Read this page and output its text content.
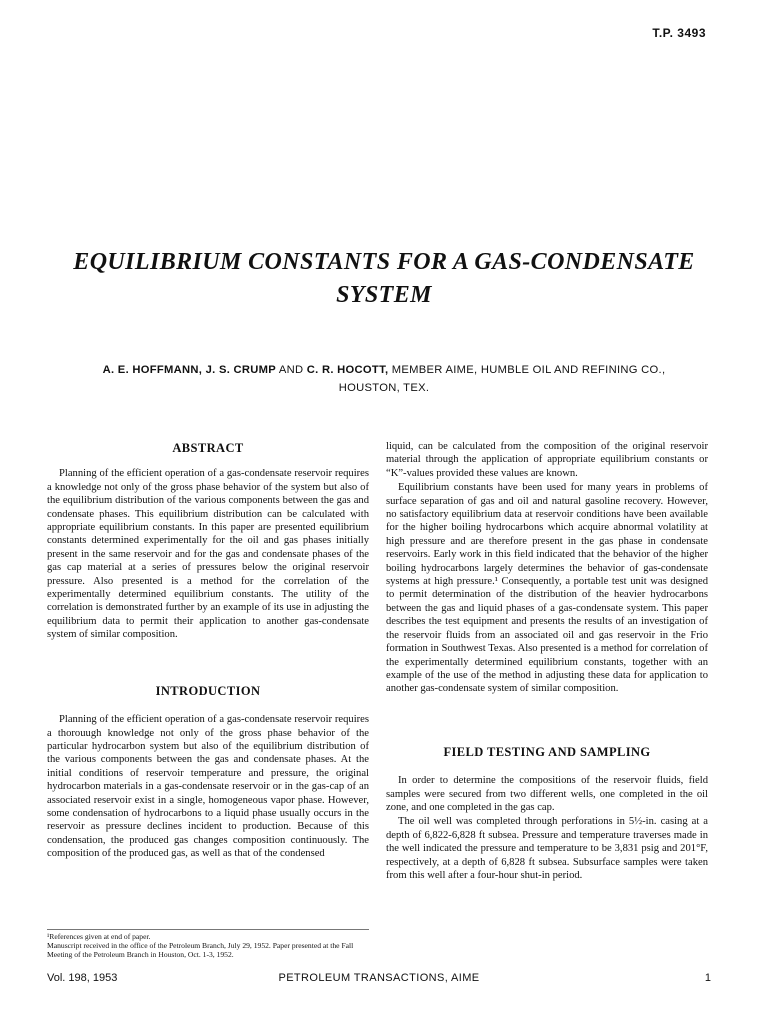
T.P. 3493
EQUILIBRIUM CONSTANTS FOR A GAS-CONDENSATE
SYSTEM
A. E. HOFFMANN, J. S. CRUMP AND C. R. HOCOTT, MEMBER AIME, HUMBLE OIL AND REFINING CO.,
HOUSTON, TEX.
ABSTRACT

Planning of the efficient operation of a gas-condensate reservoir requires a knowledge not only of the gross phase behavior of the system but also of the equilibrium distribution of the various components between the gas and condensate phases. This equilibrium distribution can be calculated with appropriate equilibrium constants. In this paper are presented equilibrium constants determined experimentally for the oil and gas phases initially present in the same reservoir and for the gas and condensate phases of the gas cap material at a series of pressures below the original reservoir pressure. Also presented is a method for the correlation of the experimentally determined equilibrium constants. The utility of the correlation is demonstrated further by an example of its use in adjusting the equilibrium data to permit their application to another gas-condensate system of similar composition.

INTRODUCTION

Planning of the efficient operation of a gas-condensate reservoir requires a thorouugh knowledge not only of the gross phase behavior of the particular hydrocarbon system but also of the equilibrium distribution of the various components between the gas and condensate phases. At the initial conditions of reservoir temperature and pressure, the original hydrocarbon materials in a gas-condensate reservoir or in the gas-cap of an associated reservoir exist in a single, homogeneous vapor phase. However, some condensation of hydrocarbons to a liquid phase usually occurs in the reservoir as pressure declines incident to production. Because of this condensation, the produced gas changes composition continuously. The composition of the produced gas, as well as that of the condensed

liquid, can be calculated from the composition of the original reservoir material through the application of appropriate equilibrium constants or “K”-values provided these values are known.

Equilibrium constants have been used for many years in problems of surface separation of gas and oil and natural gasoline recovery. However, no satisfactory equilibrium data at reservoir conditions have been available for the higher boiling hydrocarbons which acquire abnormal volatility at high pressure and are therefore present in the gas phase in condensate reservoirs. Early work in this field indicated that the behavior of the higher boiling hydrocarbons largely determines the behavior of gas-condensate systems at high pressure.¹ Consequently, a portable test unit was designed to permit determination of the distribution of the heavier hydrocarbons between the gas and liquid phases of a gas-condensate system. This paper describes the test equipment and presents the results of an investigation of the reservoir fluids from an associated oil and gas reservoir in the Frio formation in Southwest Texas. Also presented is a method for correlation of the experimentally determined equilibrium constants, together with an example of the use of the method in adjusting these data for application to another gas-condensate system of similar composition.

FIELD TESTING AND SAMPLING

In order to determine the compositions of the reservoir fluids, field samples were secured from two different wells, one completed in the oil zone, and one completed in the gas cap.

The oil well was completed through perforations in 5½-in. casing at a depth of 6,822-6,828 ft subsea. Pressure and temperature traverses made in the well indicated the pressure and temperature to be 3,831 psig and 201°F, respectively, at a depth of 6,828 ft subsea. Subsurface samples were taken from this well after a four-hour shut-in period.

¹References given at end of paper.
Manuscript received in the office of the Petroleum Branch, July 29, 1952. Paper presented at the Fall Meeting of the Petroleum Branch in Houston, Oct. 1-3, 1952.
Vol. 198, 1953	PETROLEUM TRANSACTIONS, AIME	1
